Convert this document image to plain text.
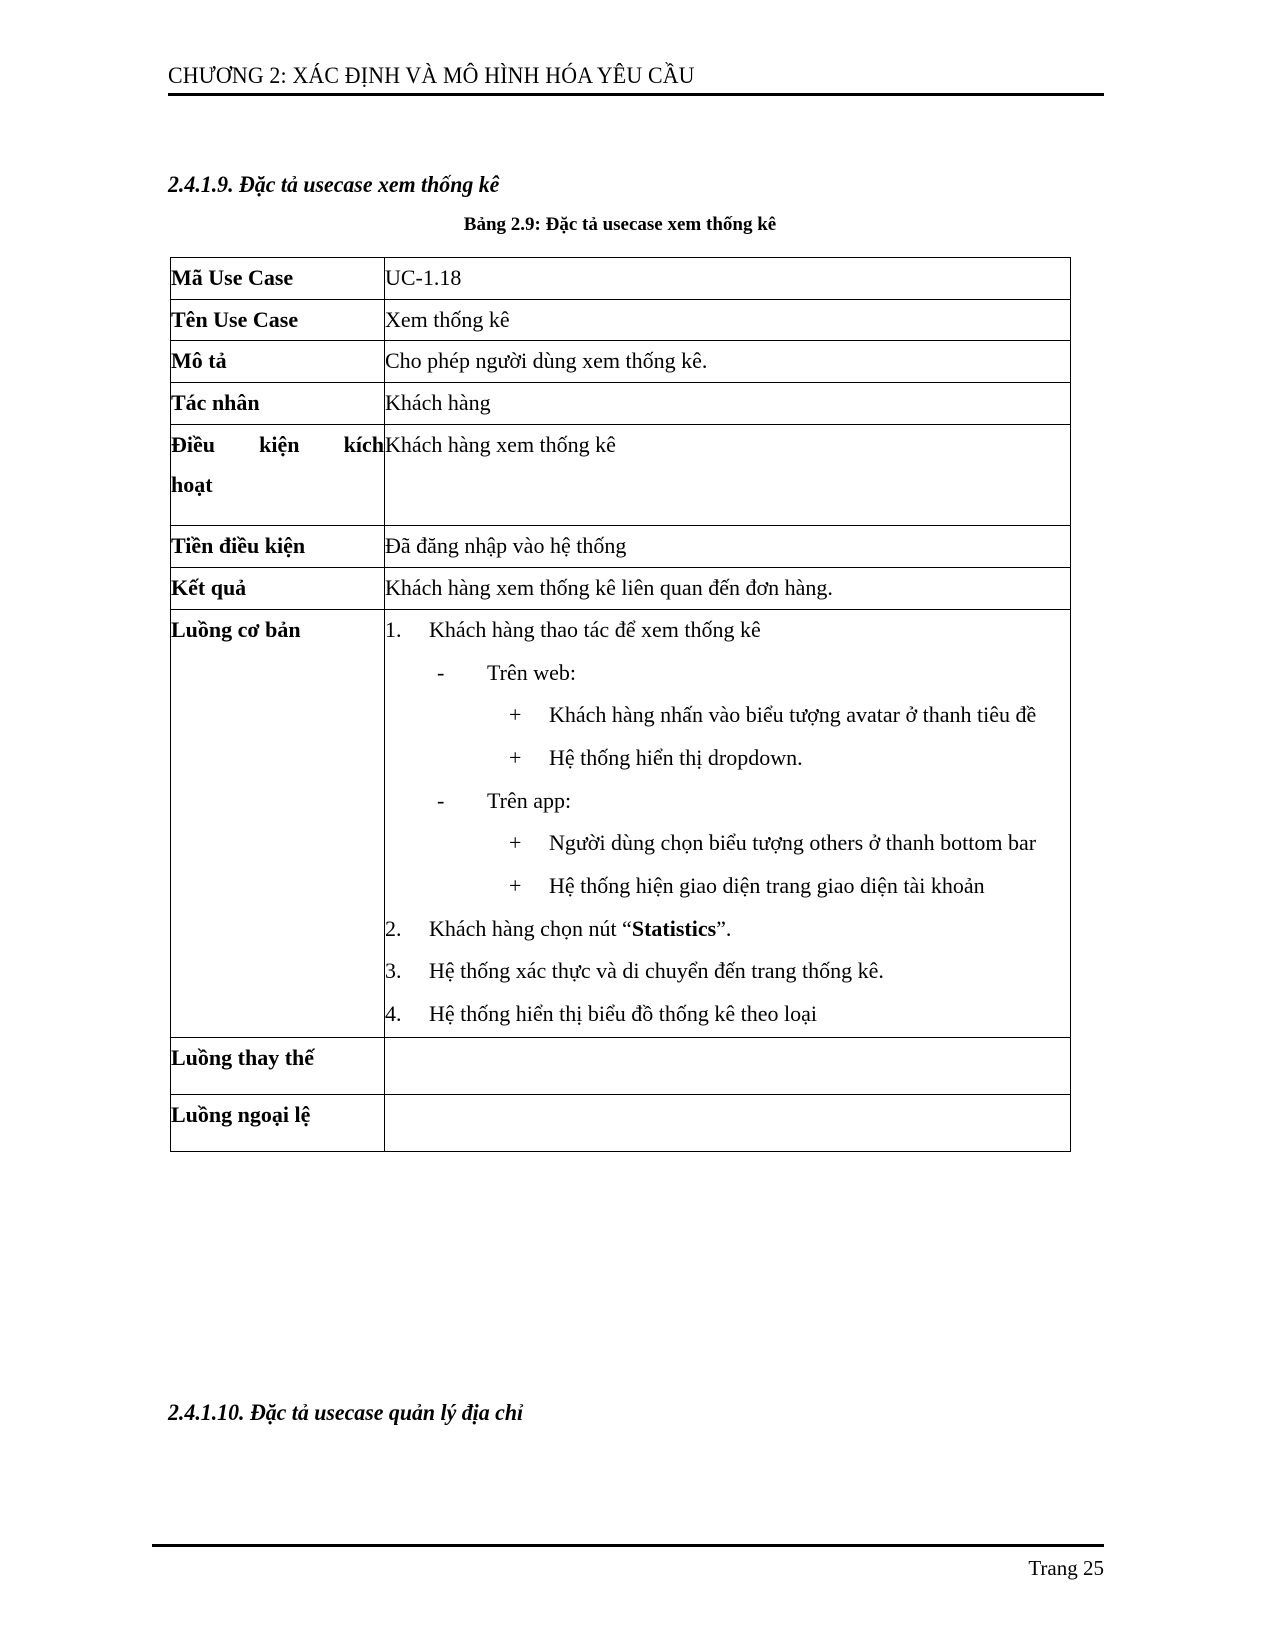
CHƯƠNG 2: XÁC ĐỊNH VÀ MÔ HÌNH HÓA YÊU CẦU
2.4.1.9. Đặc tả usecase xem thống kê
Bảng 2.9: Đặc tả usecase xem thống kê
Mã Use Case	UC-1.18
Tên Use Case	Xem thống kê
Mô tả	Cho phép người dùng xem thống kê.
Tác nhân	Khách hàng

Điều kiện kích
hoạt	Khách hàng xem thống kê
Tiền điều kiện	Đã đăng nhập vào hệ thống
Kết quả	Khách hàng xem thống kê liên quan đến đơn hàng.
Luồng cơ bản	1.	Khách hàng thao tác để xem thống kê
-	Trên web:
+	Khách hàng nhấn vào biểu tượng avatar ở thanh tiêu đề
+	Hệ thống hiển thị dropdown.
-	Trên app:
+	Người dùng chọn biểu tượng others ở thanh bottom bar
+	Hệ thống hiện giao diện trang giao diện tài khoản
2.	Khách hàng chọn nút “Statistics”.
3.	Hệ thống xác thực và di chuyển đến trang thống kê.
4.	Hệ thống hiển thị biểu đồ thống kê theo loại

Luồng thay thế	
Luồng ngoại lệ	
2.4.1.10. Đặc tả usecase quản lý địa chỉ
Trang 25
